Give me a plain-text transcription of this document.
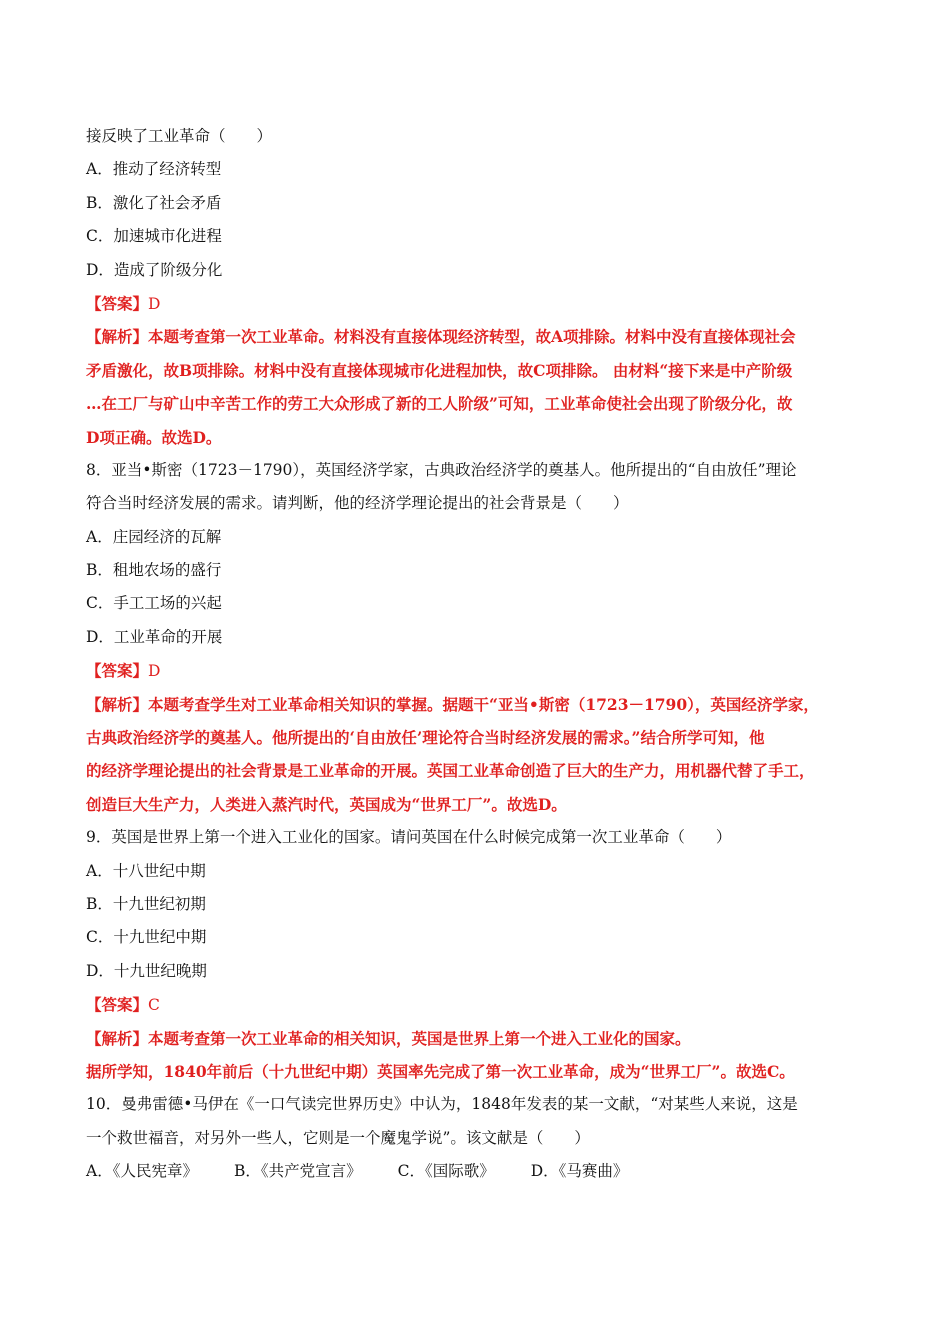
接反映了工业革命（　　）
A．推动了经济转型
B．激化了社会矛盾
C．加速城市化进程
D．造成了阶级分化
【答案】D
【解析】本题考查第一次工业革命。材料没有直接体现经济转型，故A项排除。材料中没有直接体现社会
矛盾激化，故B项排除。材料中没有直接体现城市化进程加快，故C项排除。 由材料“接下来是中产阶级
…在工厂与矿山中辛苦工作的劳工大众形成了新的工人阶级”可知，工业革命使社会出现了阶级分化，故
D项正确。故选D。
8．亚当•斯密（1723－1790），英国经济学家，古典政治经济学的奠基人。他所提出的“自由放任”理论
符合当时经济发展的需求。请判断，他的经济学理论提出的社会背景是（　　）
A．庄园经济的瓦解
B．租地农场的盛行
C．手工工场的兴起
D．工业革命的开展
【答案】D
【解析】本题考查学生对工业革命相关知识的掌握。据题干“亚当•斯密（1723－1790），英国经济学家，
古典政治经济学的奠基人。他所提出的‘自由放任’理论符合当时经济发展的需求。”结合所学可知，他
的经济学理论提出的社会背景是工业革命的开展。英国工业革命创造了巨大的生产力，用机器代替了手工，
创造巨大生产力，人类进入蒸汽时代，英国成为“世界工厂”。故选D。
9．英国是世界上第一个进入工业化的国家。请问英国在什么时候完成第一次工业革命（　　）
A．十八世纪中期
B．十九世纪初期
C．十九世纪中期
D．十九世纪晚期
【答案】C
【解析】本题考查第一次工业革命的相关知识，英国是世界上第一个进入工业化的国家。
据所学知，1840年前后（十九世纪中期）英国率先完成了第一次工业革命，成为“世界工厂”。故选C。
10．曼弗雷德•马伊在《一口气读完世界历史》中认为，1848年发表的某一文献，“对某些人来说，这是
一个救世福音，对另外一些人，它则是一个魔鬼学说”。该文献是（　　）
A．《人民宪章》 B．《共产党宣言》 C．《国际歌》 D．《马赛曲》
